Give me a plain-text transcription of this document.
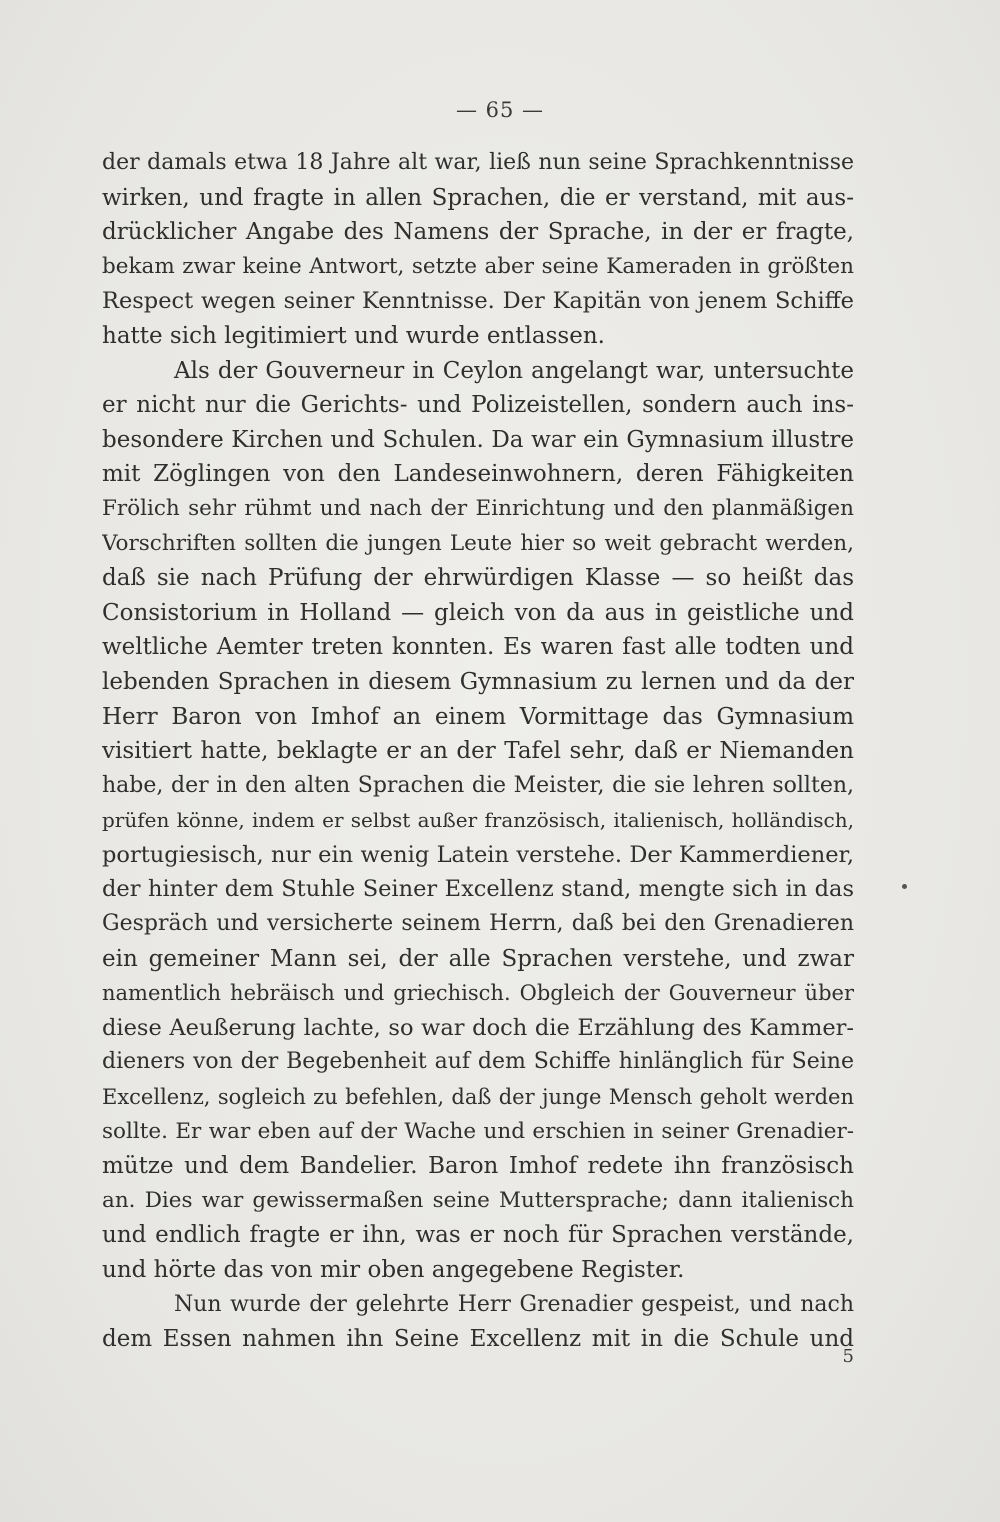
— 65 —
der damals etwa 18 Jahre alt war, ließ nun seine Sprachkenntnisse
wirken, und fragte in allen Sprachen, die er verstand, mit aus-
drücklicher Angabe des Namens der Sprache, in der er fragte,
bekam zwar keine Antwort, setzte aber seine Kameraden in größten
Respect wegen seiner Kenntnisse. Der Kapitän von jenem Schiffe
hatte sich legitimiert und wurde entlassen.
Als der Gouverneur in Ceylon angelangt war, untersuchte
er nicht nur die Gerichts- und Polizeistellen, sondern auch ins-
besondere Kirchen und Schulen. Da war ein Gymnasium illustre
mit Zöglingen von den Landeseinwohnern, deren Fähigkeiten
Frölich sehr rühmt und nach der Einrichtung und den planmäßigen
Vorschriften sollten die jungen Leute hier so weit gebracht werden,
daß sie nach Prüfung der ehrwürdigen Klasse — so heißt das
Consistorium in Holland — gleich von da aus in geistliche und
weltliche Aemter treten konnten. Es waren fast alle todten und
lebenden Sprachen in diesem Gymnasium zu lernen und da der
Herr Baron von Imhof an einem Vormittage das Gymnasium
visitiert hatte, beklagte er an der Tafel sehr, daß er Niemanden
habe, der in den alten Sprachen die Meister, die sie lehren sollten,
prüfen könne, indem er selbst außer französisch, italienisch, holländisch,
portugiesisch, nur ein wenig Latein verstehe. Der Kammerdiener,
der hinter dem Stuhle Seiner Excellenz stand, mengte sich in das
Gespräch und versicherte seinem Herrn, daß bei den Grenadieren
ein gemeiner Mann sei, der alle Sprachen verstehe, und zwar
namentlich hebräisch und griechisch. Obgleich der Gouverneur über
diese Aeußerung lachte, so war doch die Erzählung des Kammer-
dieners von der Begebenheit auf dem Schiffe hinlänglich für Seine
Excellenz, sogleich zu befehlen, daß der junge Mensch geholt werden
sollte. Er war eben auf der Wache und erschien in seiner Grenadier-
mütze und dem Bandelier. Baron Imhof redete ihn französisch
an. Dies war gewissermaßen seine Muttersprache; dann italienisch
und endlich fragte er ihn, was er noch für Sprachen verstände,
und hörte das von mir oben angegebene Register.
Nun wurde der gelehrte Herr Grenadier gespeist, und nach
dem Essen nahmen ihn Seine Excellenz mit in die Schule und
5
